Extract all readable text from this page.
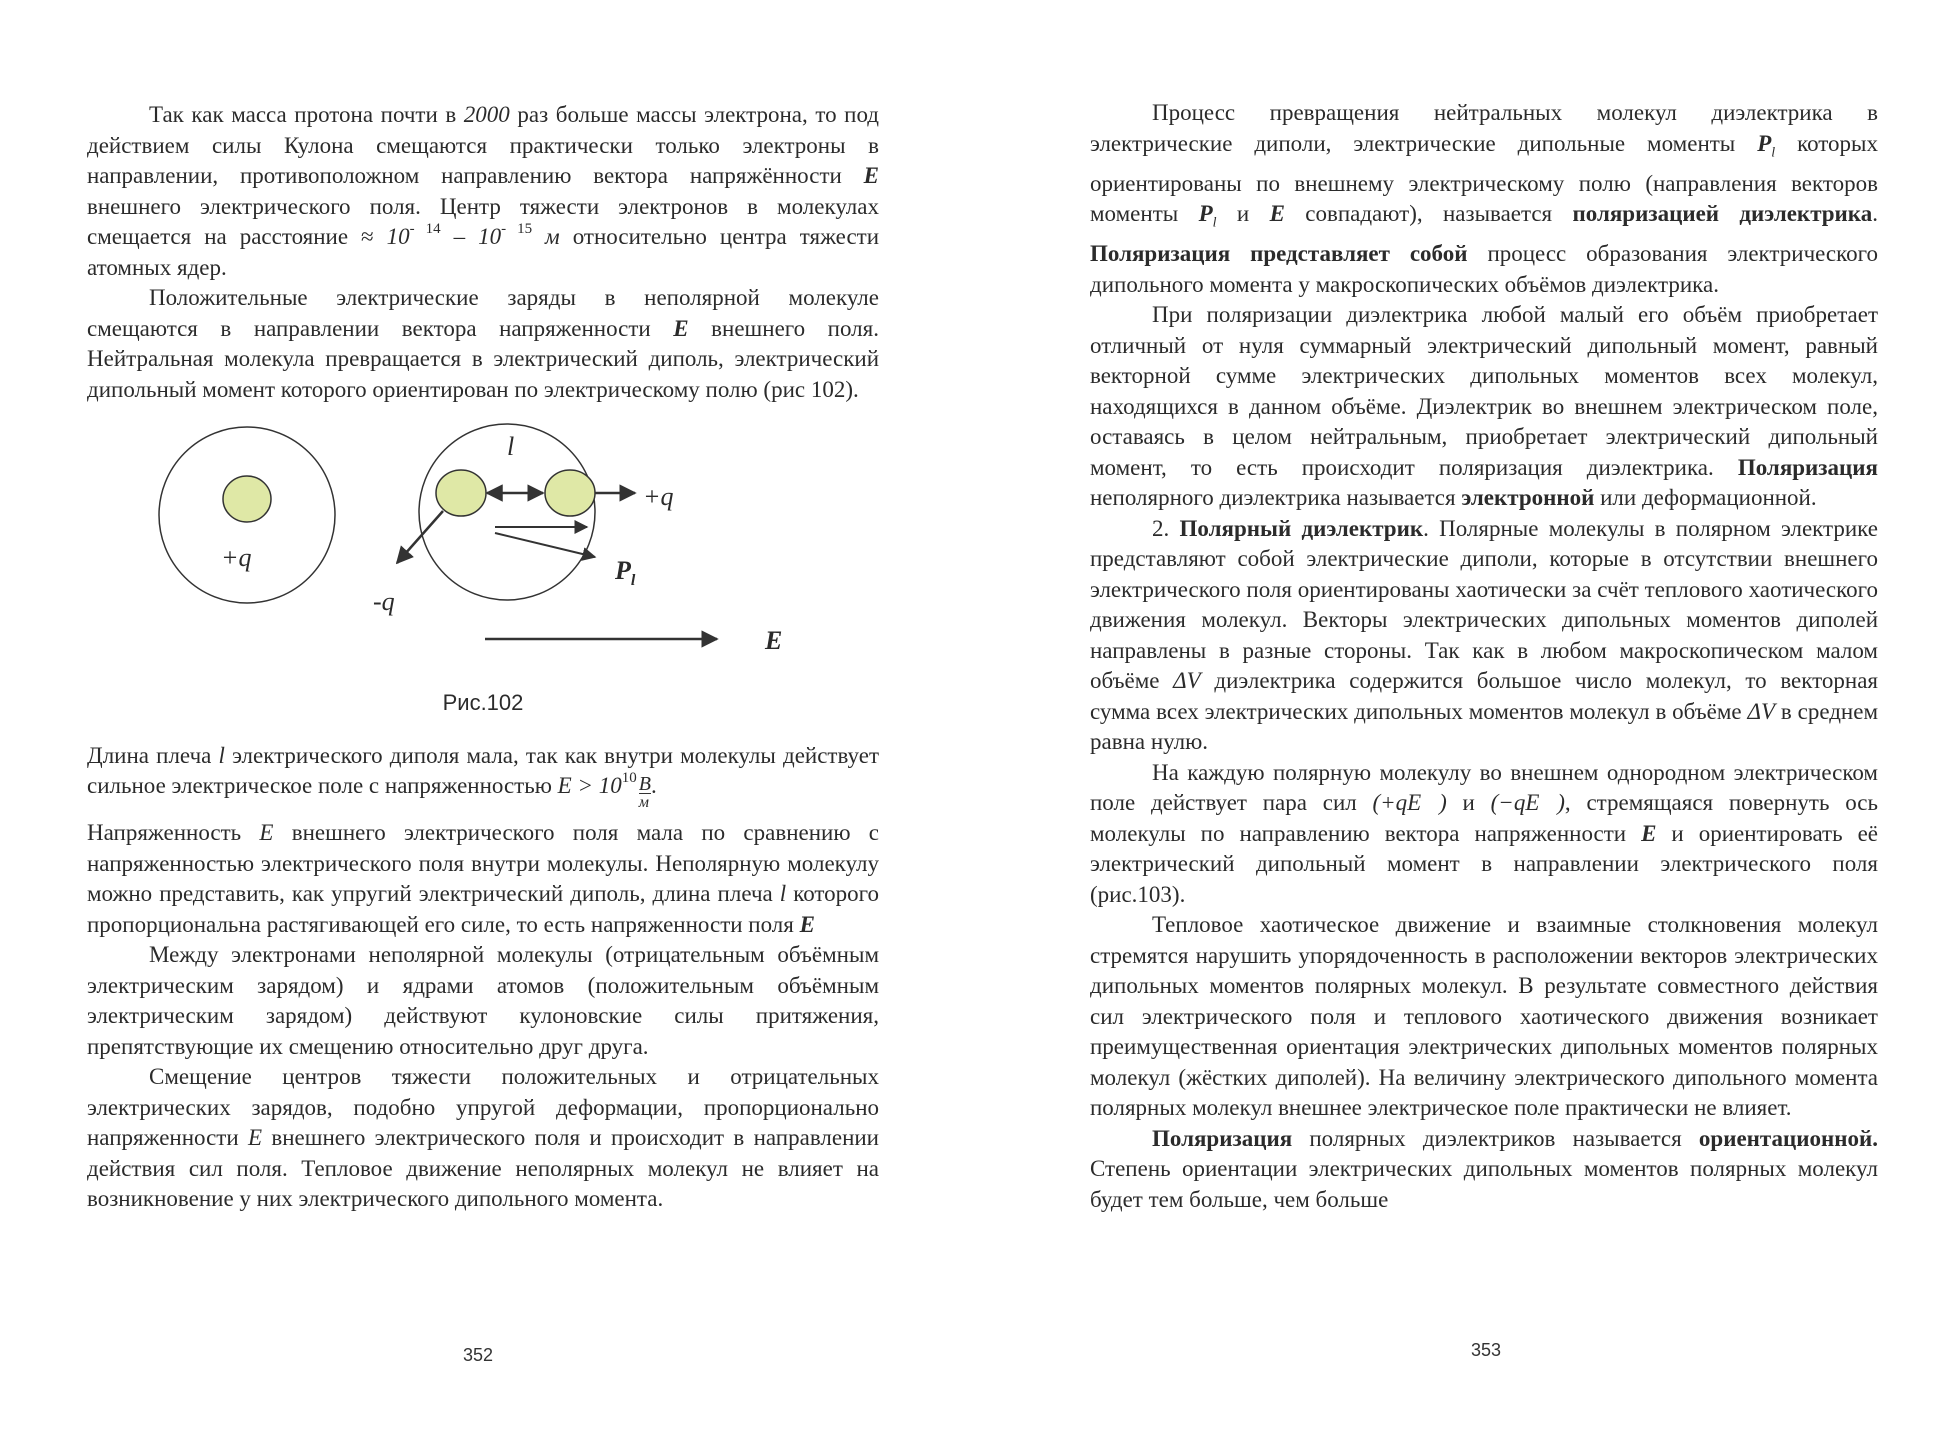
Так как масса протона почти в 2000 раз больше массы электрона, то под действием силы Кулона смещаются практически только электроны в направлении, противоположном направлению вектора напряжённости E внешнего электрического поля. Центр тяжести электронов в молекулах смещается на расстояние ≈ $10^{- 14} - 10^{- 15}$ м относительно центра тяжести атомных ядер.

Положительные электрические заряды в неполярной молекуле смещаются в направлении вектора напряженности E внешнего поля. Нейтральная молекула превращается в электрический диполь, электрический дипольный момент которого ориентирован по электрическому полю (рис 102).

+q
l
+q
-q
$P_l$
E
Рис.102

Длина плеча l электрического диполя мала, так как внутри молекулы действует сильное электрическое поле с напряженностью $E > 10^{10} \frac{B}{м}$ .

Напряженность E внешнего электрического поля мала по сравнению с напряженностью электрического поля внутри молекулы. Неполярную молекулу можно представить, как упругий электрический диполь, длина плеча l которого пропорциональна растягивающей его силе, то есть напряженности поля E

Между электронами неполярной молекулы (отрицательным объёмным электрическим зарядом) и ядрами атомов (положительным объёмным электрическим зарядом) действуют кулоновские силы притяжения, препятствующие их смещению относительно друг друга.

Смещение центров тяжести положительных и отрицательных электрических зарядов, подобно упругой деформации, пропорционально напряженности E внешнего электрического поля и происходит в направлении действия сил поля. Тепловое движение неполярных молекул не влияет на возникновение у них электрического дипольного момента.

352

Процесс превращения нейтральных молекул диэлектрика в электрические диполи, электрические дипольные моменты $P_l$ которых ориентированы по внешнему электрическому полю (направления векторов моменты $P_l$ и E совпадают), называется поляризацией диэлектрика. Поляризация представляет собой процесс образования электрического дипольного момента у макроскопических объёмов диэлектрика.

При поляризации диэлектрика любой малый его объём приобретает отличный от нуля суммарный электрический дипольный момент, равный векторной сумме электрических дипольных моментов всех молекул, находящихся в данном объёме. Диэлектрик во внешнем электрическом поле, оставаясь в целом нейтральным, приобретает электрический дипольный момент, то есть происходит поляризация диэлектрика. Поляризация неполярного диэлектрика называется электронной или деформационной.

2. Полярный диэлектрик. Полярные молекулы в полярном электрике представляют собой электрические диполи, которые в отсутствии внешнего электрического поля ориентированы хаотически за счёт теплового хаотического движения молекул. Векторы электрических дипольных моментов диполей направлены в разные стороны. Так как в любом макроскопическом малом объёме ΔV диэлектрика содержится большое число молекул, то векторная сумма всех электрических дипольных моментов молекул в объёме ΔV в среднем равна нулю.

На каждую полярную молекулу во внешнем однородном электрическом поле действует пара сил (+qE⃗) и (−qE⃗), стремящаяся повернуть ось молекулы по направлению вектора напряженности E и ориентировать её электрический дипольный момент в направлении электрического поля (рис.103).

Тепловое хаотическое движение и взаимные столкновения молекул стремятся нарушить упорядоченность в расположении векторов электрических дипольных моментов полярных молекул. В результате совместного действия сил электрического поля и теплового хаотического движения возникает преимущественная ориентация электрических дипольных моментов полярных молекул (жёстких диполей). На величину электрического дипольного момента полярных молекул внешнее электрическое поле практически не влияет.

Поляризация полярных диэлектриков называется ориентационной. Степень ориентации электрических дипольных моментов полярных молекул будет тем больше, чем больше

353
